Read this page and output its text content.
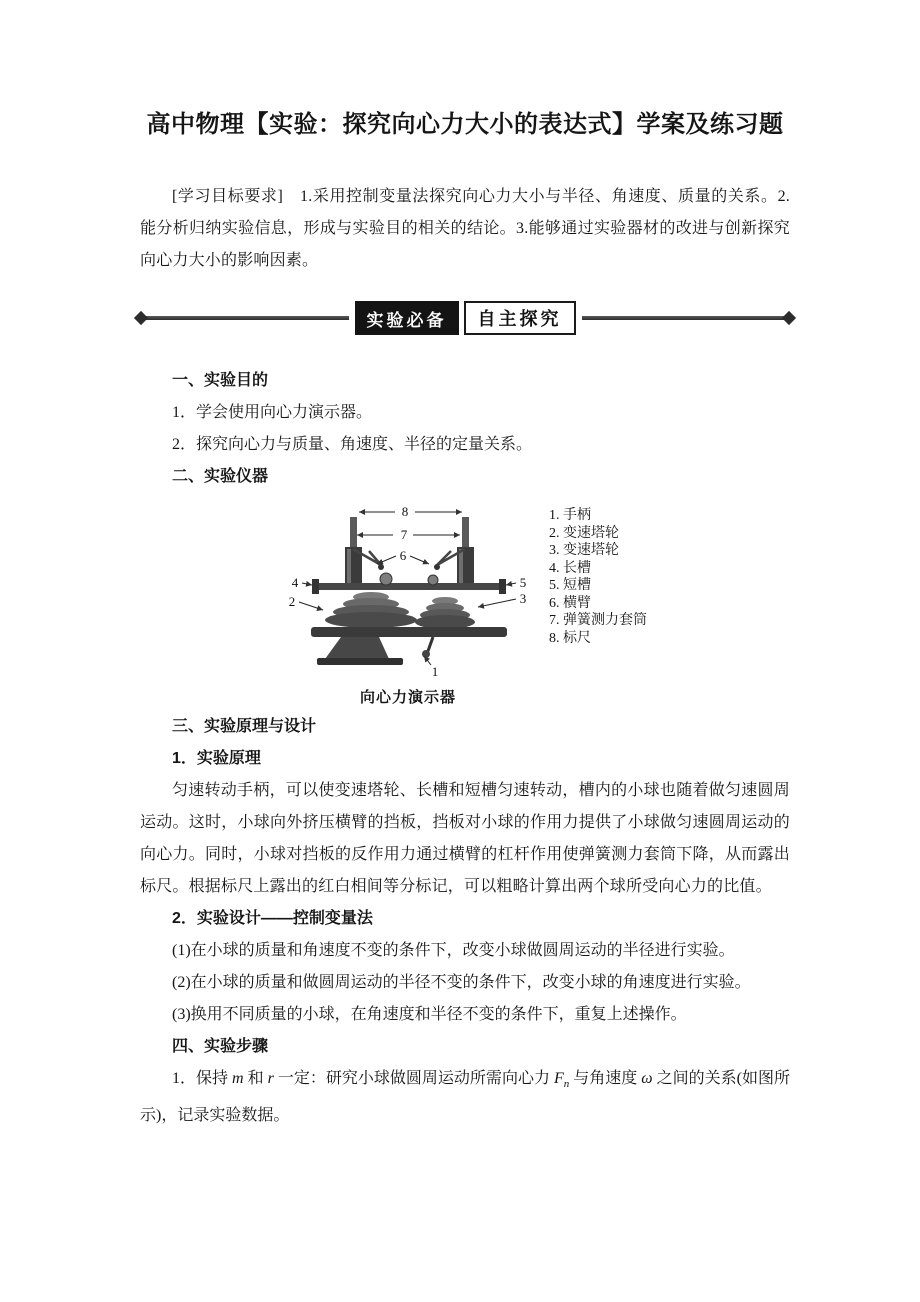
高中物理【实验：探究向心力大小的表达式】学案及练习题

[学习目标要求]　1.采用控制变量法探究向心力大小与半径、角速度、质量的关系。2.能分析归纳实验信息，形成与实验目的相关的结论。3.能够通过实验器材的改进与创新探究向心力大小的影响因素。

实验必备	自主探究

一、实验目的

1．学会使用向心力演示器。

2．探究向心力与质量、角速度、半径的定量关系。

二、实验仪器

8
7
6
4
2
5
3
1
向心力演示器
1. 手柄
2. 变速塔轮
3. 变速塔轮
4. 长槽
5. 短槽
6. 横臂
7. 弹簧测力套筒
8. 标尺

三、实验原理与设计

1．实验原理

匀速转动手柄，可以使变速塔轮、长槽和短槽匀速转动，槽内的小球也随着做匀速圆周运动。这时，小球向外挤压横臂的挡板，挡板对小球的作用力提供了小球做匀速圆周运动的向心力。同时，小球对挡板的反作用力通过横臂的杠杆作用使弹簧测力套筒下降，从而露出标尺。根据标尺上露出的红白相间等分标记，可以粗略计算出两个球所受向心力的比值。

2．实验设计——控制变量法

(1)在小球的质量和角速度不变的条件下，改变小球做圆周运动的半径进行实验。

(2)在小球的质量和做圆周运动的半径不变的条件下，改变小球的角速度进行实验。

(3)换用不同质量的小球，在角速度和半径不变的条件下，重复上述操作。

四、实验步骤

1．保持 m 和 r 一定：研究小球做圆周运动所需向心力 $F_n$ 与角速度 ω 之间的关系(如图所示)，记录实验数据。
